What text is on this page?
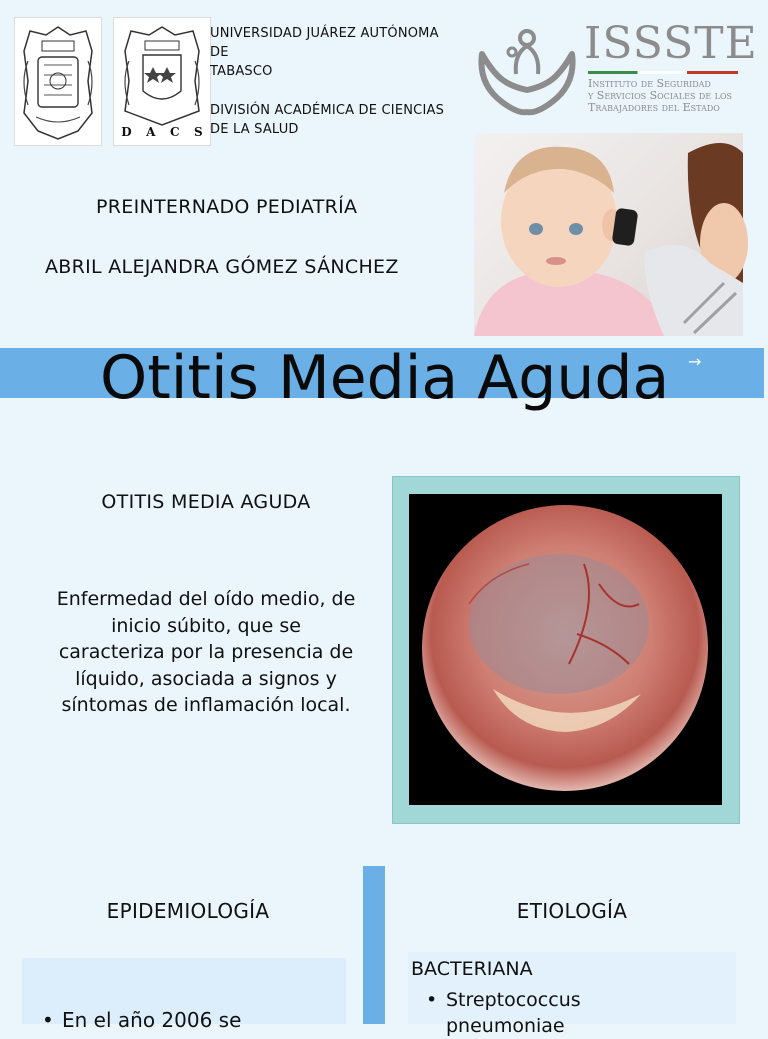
D A C S
UNIVERSIDAD JUÁREZ AUTÓNOMA
DE
TABASCO
DIVISIÓN ACADÉMICA DE CIENCIAS
DE LA SALUD
ISSSTE
Instituto de Seguridad
y Servicios Sociales de los
Trabajadores del Estado
PREINTERNADO PEDIATRÍA
ABRIL ALEJANDRA GÓMEZ SÁNCHEZ
Otitis Media Aguda →
OTITIS MEDIA AGUDA
Enfermedad del oído medio, de
inicio súbito, que se
caracteriza por la presencia de
líquido, asociada a signos y
síntomas de inflamación local.
EPIDEMIOLOGÍA
• En el año 2006 se
ETIOLOGÍA
BACTERIANA
• Streptococcus
pneumoniae
